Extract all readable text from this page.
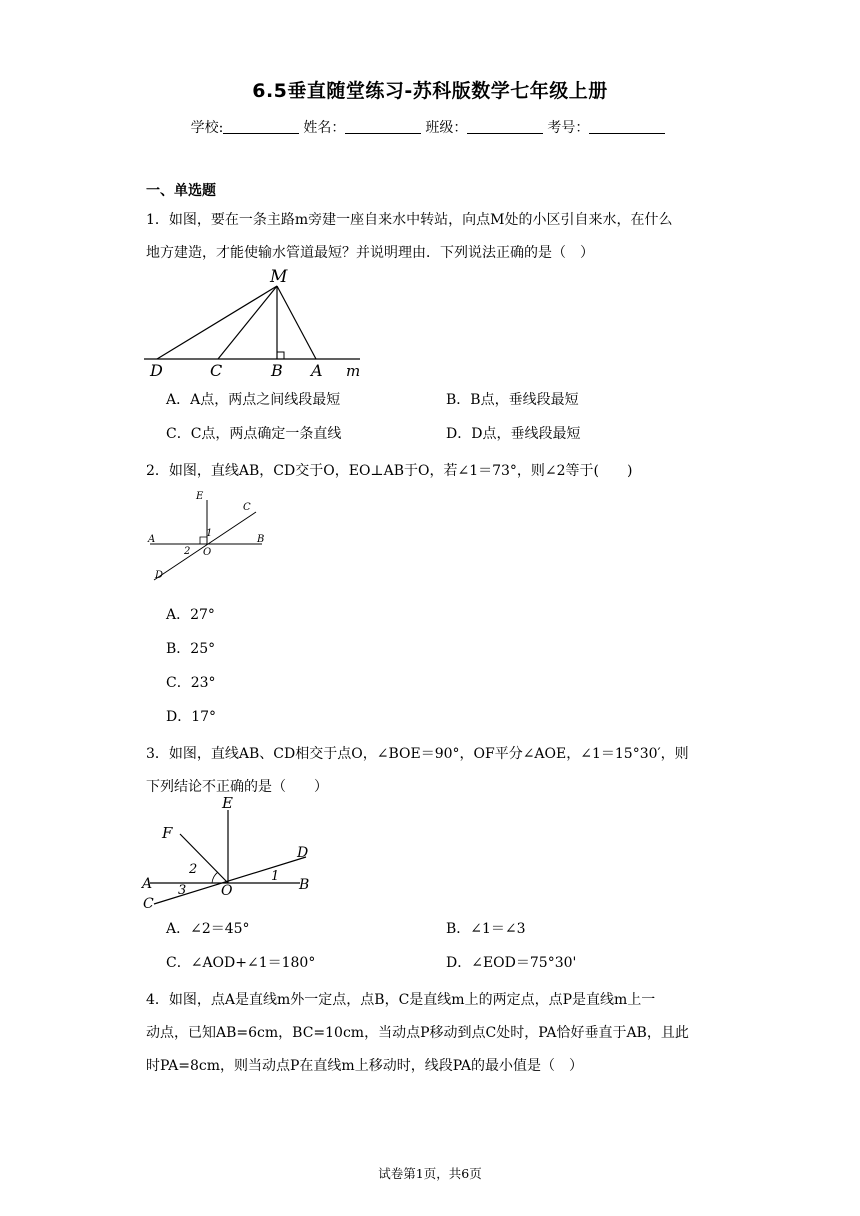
6.5垂直随堂练习-苏科版数学七年级上册
学校:	姓名：	班级：	考号：
一、单选题
1．如图，要在一条主路m旁建一座自来水中转站，向点M处的小区引自来水，在什么
地方建造，才能使输水管道最短？并说明理由．下列说法正确的是（　）
M
D	C	B A m
A．A点，两点之间线段最短	B．B点，垂线段最短
C．C点，两点确定一条直线	D．D点，垂线段最短
2．如图，直线AB，CD交于O，EO⊥AB于O，若∠1＝73°，则∠2等于(　　)
E
C
A	B
D
O
1
2
A．27°
B．25°
C．23°
D．17°
3．如图，直线AB、CD相交于点O，∠BOE＝90°，OF平分∠AOE，∠1＝15°30′，则
下列结论不正确的是（　　）
E
F
D
A	B
C
O
1
2
3
A．∠2＝45°	B．∠1＝∠3
C．∠AOD+∠1＝180°	D．∠EOD＝75°30'
4．如图，点A是直线m外一定点，点B，C是直线m上的两定点，点P是直线m上一
动点，已知AB=6cm，BC=10cm，当动点P移动到点C处时，PA恰好垂直于AB，且此
时PA=8cm，则当动点P在直线m上移动时，线段PA的最小值是（　）
试卷第1页，共6页
